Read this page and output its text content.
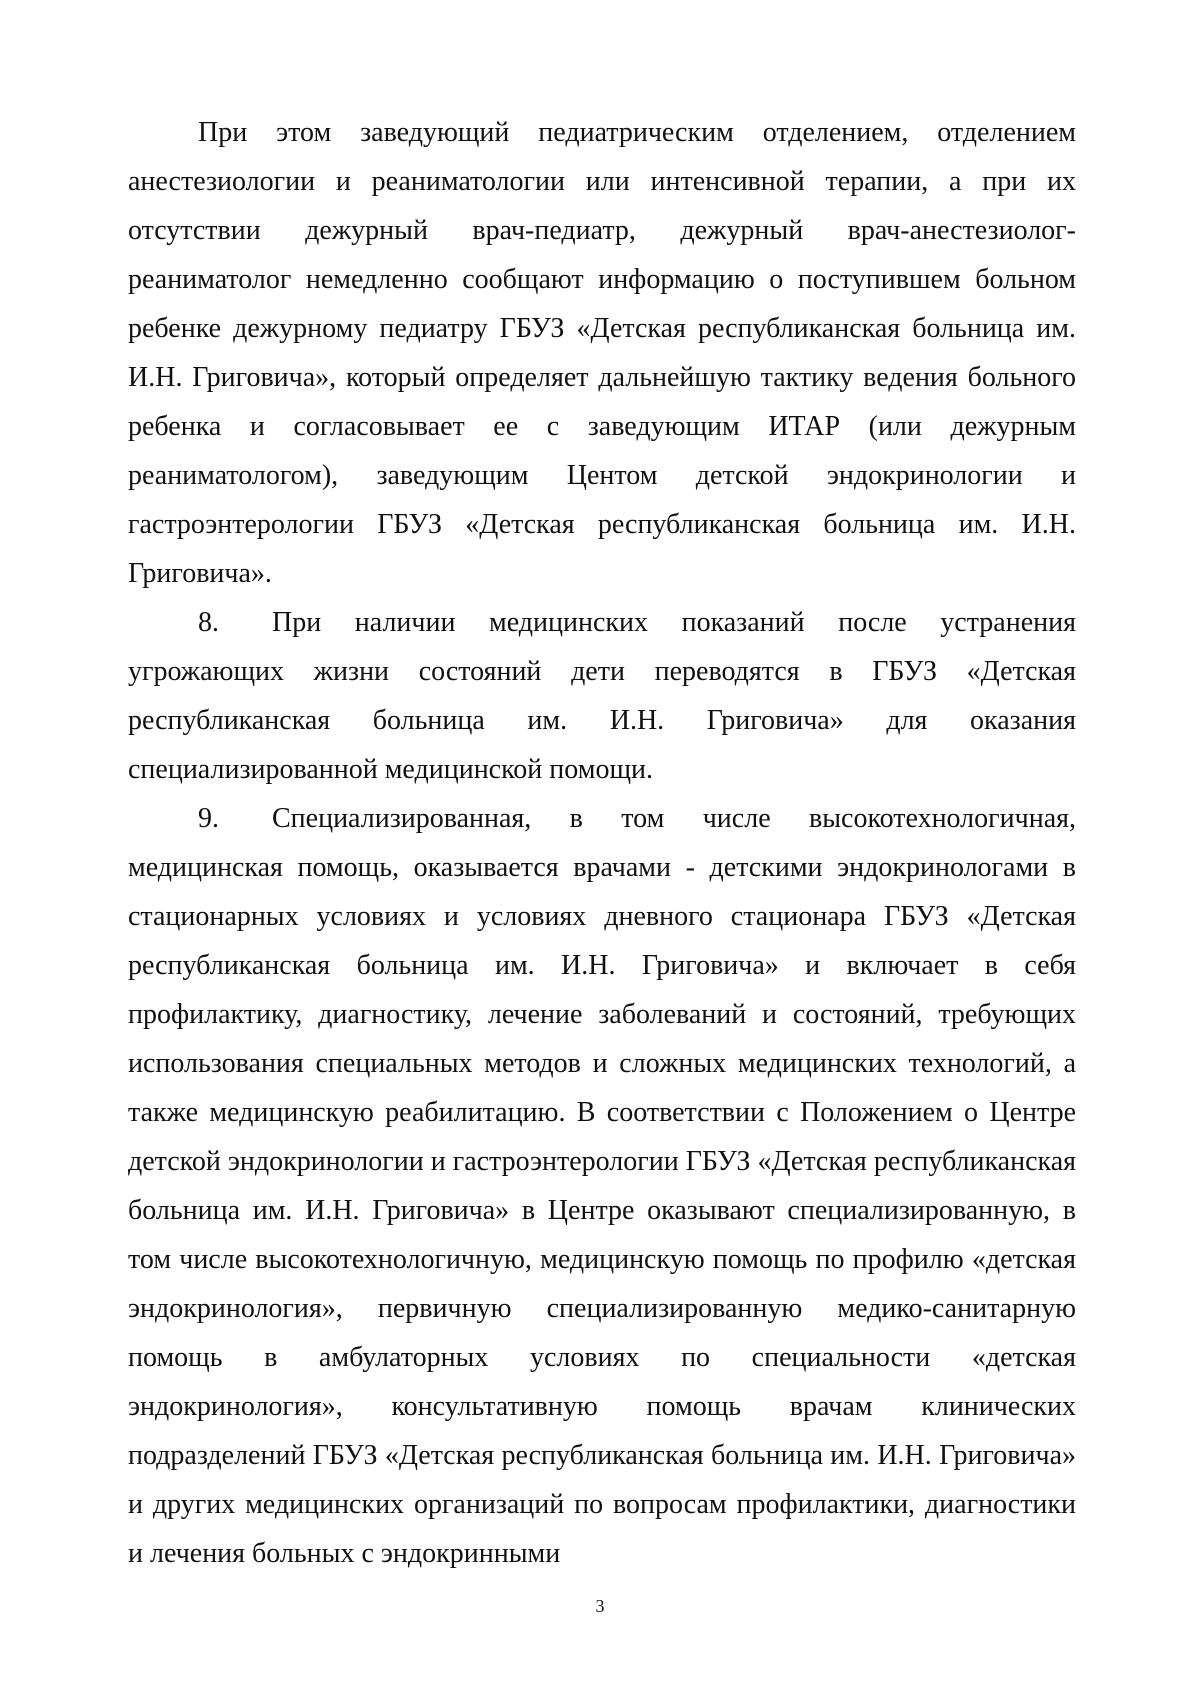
При этом заведующий педиатрическим отделением, отделением анестезиологии и реаниматологии или интенсивной терапии, а при их отсутствии дежурный врач-педиатр, дежурный врач-анестезиолог-реаниматолог немедленно сообщают информацию о поступившем больном ребенке дежурному педиатру ГБУЗ «Детская республиканская больница им. И.Н. Григовича», который определяет дальнейшую тактику ведения больного ребенка и согласовывает ее с заведующим ИТАР (или дежурным реаниматологом), заведующим Центом детской эндокринологии и гастроэнтерологии ГБУЗ «Детская республиканская больница им. И.Н. Григовича».

8. При наличии медицинских показаний после устранения угрожающих жизни состояний дети переводятся в ГБУЗ «Детская республиканская больница им. И.Н. Григовича» для оказания специализированной медицинской помощи.

9. Специализированная, в том числе высокотехнологичная, медицинская помощь, оказывается врачами - детскими эндокринологами в стационарных условиях и условиях дневного стационара ГБУЗ «Детская республиканская больница им. И.Н. Григовича» и включает в себя профилактику, диагностику, лечение заболеваний и состояний, требующих использования специальных методов и сложных медицинских технологий, а также медицинскую реабилитацию. В соответствии с Положением о Центре детской эндокринологии и гастроэнтерологии ГБУЗ «Детская республиканская больница им. И.Н. Григовича» в Центре оказывают специализированную, в том числе высокотехнологичную, медицинскую помощь по профилю «детская эндокринология», первичную специализированную медико-санитарную помощь в амбулаторных условиях по специальности «детская эндокринология», консультативную помощь врачам клинических подразделений ГБУЗ «Детская республиканская больница им. И.Н. Григовича» и других медицинских организаций по вопросам профилактики, диагностики и лечения больных с эндокринными

3
